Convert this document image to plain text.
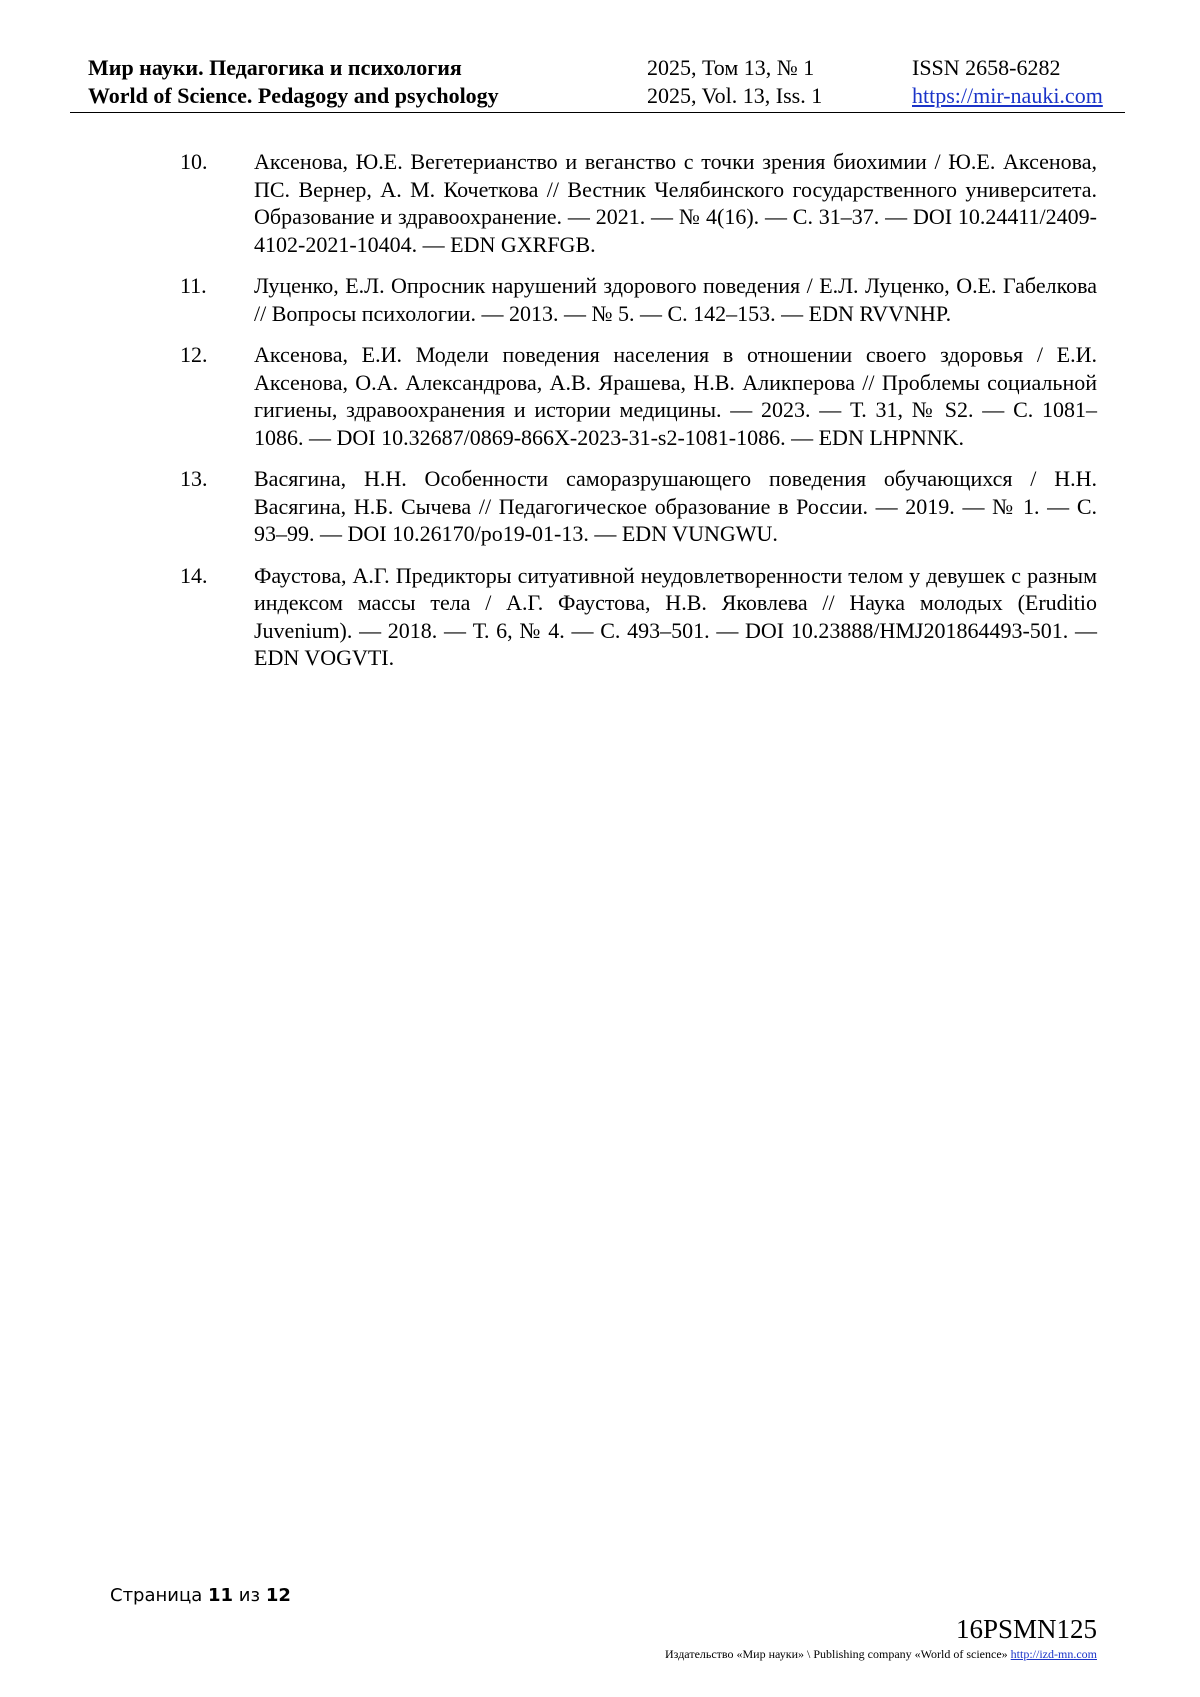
Мир науки. Педагогика и психология
World of Science. Pedagogy and psychology
2025, Том 13, № 1
2025, Vol. 13, Iss. 1
ISSN 2658-6282
https://mir-nauki.com
10.	Аксенова, Ю.Е. Вегетерианство и веганство с точки зрения биохимии / Ю.Е. Аксенова, ПС. Вернер, А. М. Кочеткова // Вестник Челябинского государственного университета. Образование и здравоохранение. — 2021. — № 4(16). — С. 31–37. — DOI 10.24411/2409-4102-2021-10404. — EDN GXRFGB.
11.	Луценко, Е.Л. Опросник нарушений здорового поведения / Е.Л. Луценко, О.Е. Габелкова // Вопросы психологии. — 2013. — № 5. — С. 142–153. — EDN RVVNHP.
12.	Аксенова, Е.И. Модели поведения населения в отношении своего здоровья / Е.И. Аксенова, О.А. Александрова, А.В. Ярашева, Н.В. Аликперова // Проблемы социальной гигиены, здравоохранения и истории медицины. — 2023. — Т. 31, № S2. — С. 1081–1086. — DOI 10.32687/0869-866X-2023-31-s2-1081-1086. — EDN LHPNNK.
13.	Васягина, Н.Н. Особенности саморазрушающего поведения обучающихся / Н.Н. Васягина, Н.Б. Сычева // Педагогическое образование в России. — 2019. — № 1. — С. 93–99. — DOI 10.26170/po19-01-13. — EDN VUNGWU.
14.	Фаустова, А.Г. Предикторы ситуативной неудовлетворенности телом у девушек с разным индексом массы тела / А.Г. Фаустова, Н.В. Яковлева // Наука молодых (Eruditio Juvenium). — 2018. — Т. 6, № 4. — С. 493–501. — DOI 10.23888/HMJ201864493-501. — EDN VOGVTI.
Страница 11 из 12
16PSMN125
Издательство «Мир науки» \ Publishing company «World of science» http://izd-mn.com
